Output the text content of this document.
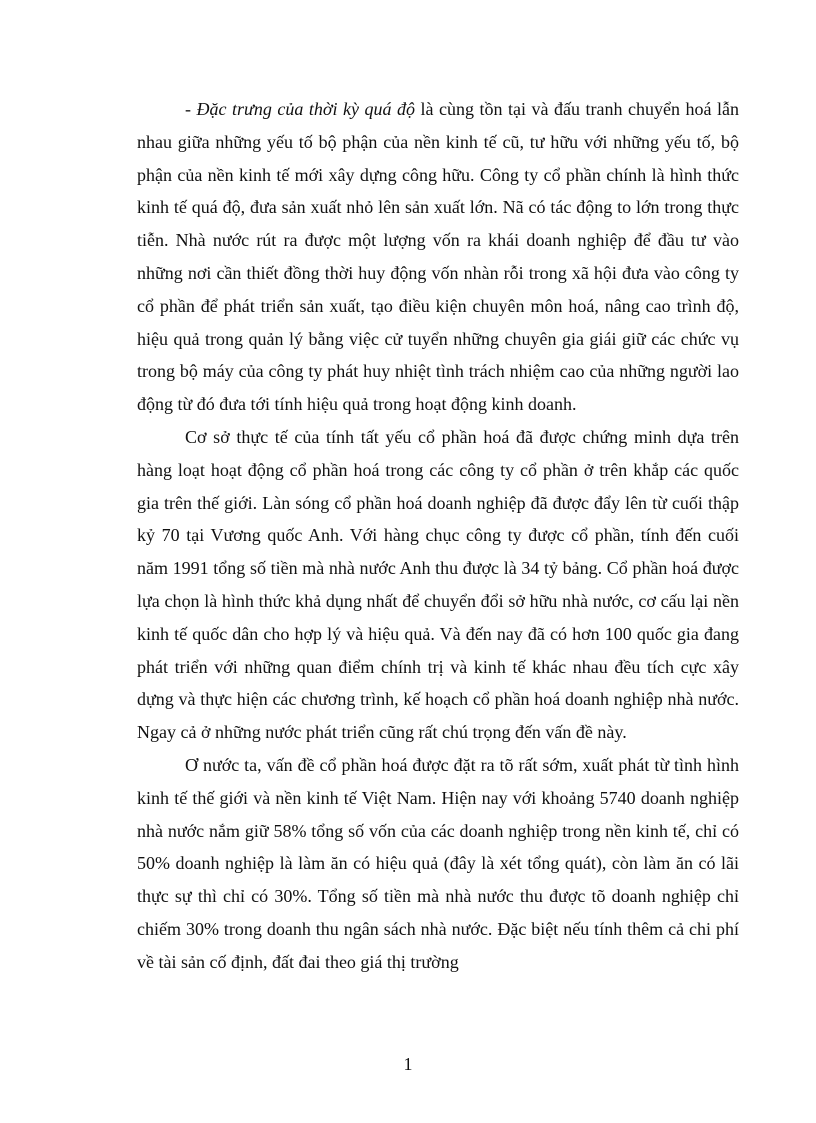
- Đặc trưng của thời kỳ quá độ là cùng tồn tại và đấu tranh chuyển hoá lẫn nhau giữa những yếu tố bộ phận của nền kinh tế cũ, tư hữu với những yếu tố, bộ phận của nền kinh tế mới xây dựng công hữu. Công ty cổ phần chính là hình thức kinh tế quá độ, đưa sản xuất nhỏ lên sản xuất lớn. Nã có tác động to lớn trong thực tiễn. Nhà nước rút ra được một lượng vốn ra khái doanh nghiệp để đầu tư vào những nơi cần thiết đồng thời huy động vốn nhàn rỗi trong xã hội đưa vào công ty cổ phần để phát triển sản xuất, tạo điều kiện chuyên môn hoá, nâng cao trình độ, hiệu quả trong quản lý bằng việc cử tuyển những chuyên gia giái giữ các chức vụ trong bộ máy của công ty phát huy nhiệt tình trách nhiệm cao của những người lao động từ đó đưa tới tính hiệu quả trong hoạt động kinh doanh.

Cơ sở thực tế của tính tất yếu cổ phần hoá đã được chứng minh dựa trên hàng loạt hoạt động cổ phần hoá trong các công ty cổ phần ở trên khắp các quốc gia trên thế giới. Làn sóng cổ phần hoá doanh nghiệp đã được đẩy lên từ cuối thập kỷ 70 tại Vương quốc Anh. Với hàng chục công ty được cổ phần, tính đến cuối năm 1991 tổng số tiền mà nhà nước Anh thu được là 34 tỷ bảng. Cổ phần hoá được lựa chọn là hình thức khả dụng nhất để chuyển đổi sở hữu nhà nước, cơ cấu lại nền kinh tế quốc dân cho hợp lý và hiệu quả. Và đến nay đã có hơn 100 quốc gia đang phát triển với những quan điểm chính trị và kinh tế khác nhau đều tích cực xây dựng và thực hiện các chương trình, kế hoạch cổ phần hoá doanh nghiệp nhà nước. Ngay cả ở những nước phát triển cũng rất chú trọng đến vấn đề này.

Ơ nước ta, vấn đề cổ phần hoá được đặt ra tõ rất sớm, xuất phát từ tình hình kinh tế thế giới và nền kinh tế Việt Nam. Hiện nay với khoảng 5740 doanh nghiệp nhà nước nắm giữ 58% tổng số vốn của các doanh nghiệp trong nền kinh tế, chỉ có 50% doanh nghiệp là làm ăn có hiệu quả (đây là xét tổng quát), còn làm ăn có lãi thực sự thì chỉ có 30%. Tổng số tiền mà nhà nước thu được tõ doanh nghiệp chỉ chiếm 30% trong doanh thu ngân sách nhà nước. Đặc biệt nếu tính thêm cả chi phí về tài sản cố định, đất đai theo giá thị trường

1
